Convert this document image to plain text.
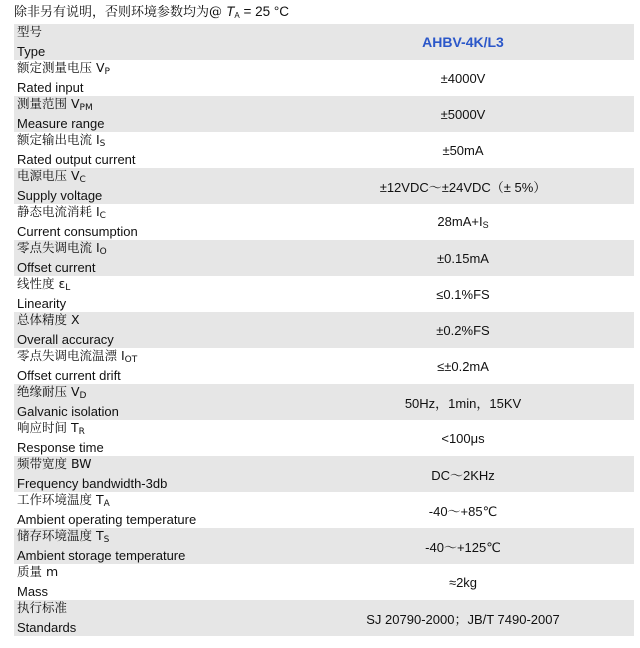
除非另有说明，否则环境参数均为@ $T_A = 25$ °C
型号
Type	AHBV-4K/L3

额定测量电压 $V_P$
Rated input	±4000V

测量范围 $V_{PM}$
Measure range	±5000V

额定输出电流 $I_S$
Rated output current	±50mA

电源电压 $V_C$
Supply voltage	±12VDC～±24VDC（± 5%）

静态电流消耗 $I_C$
Current consumption	$28mA+I_S$

零点失调电流 $I_O$
Offset current	±0.15mA

线性度 $\varepsilon_L$
Linearity	≤0.1%FS

总体精度 X
Overall accuracy	±0.2%FS

零点失调电流温漂 $I_{OT}$
Offset current drift	≤±0.2mA

绝缘耐压 $V_D$
Galvanic isolation	50Hz，1min，15KV

响应时间 $T_R$
Response time	<100μs

频带宽度 BW
Frequency bandwidth-3db	DC～2KHz

工作环境温度 $T_A$
Ambient operating temperature	-40～+85℃

储存环境温度 $T_S$
Ambient storage temperature	-40～+125℃

质量 m
Mass	≈2kg

执行标准
Standards	SJ 20790-2000；JB/T 7490-2007
